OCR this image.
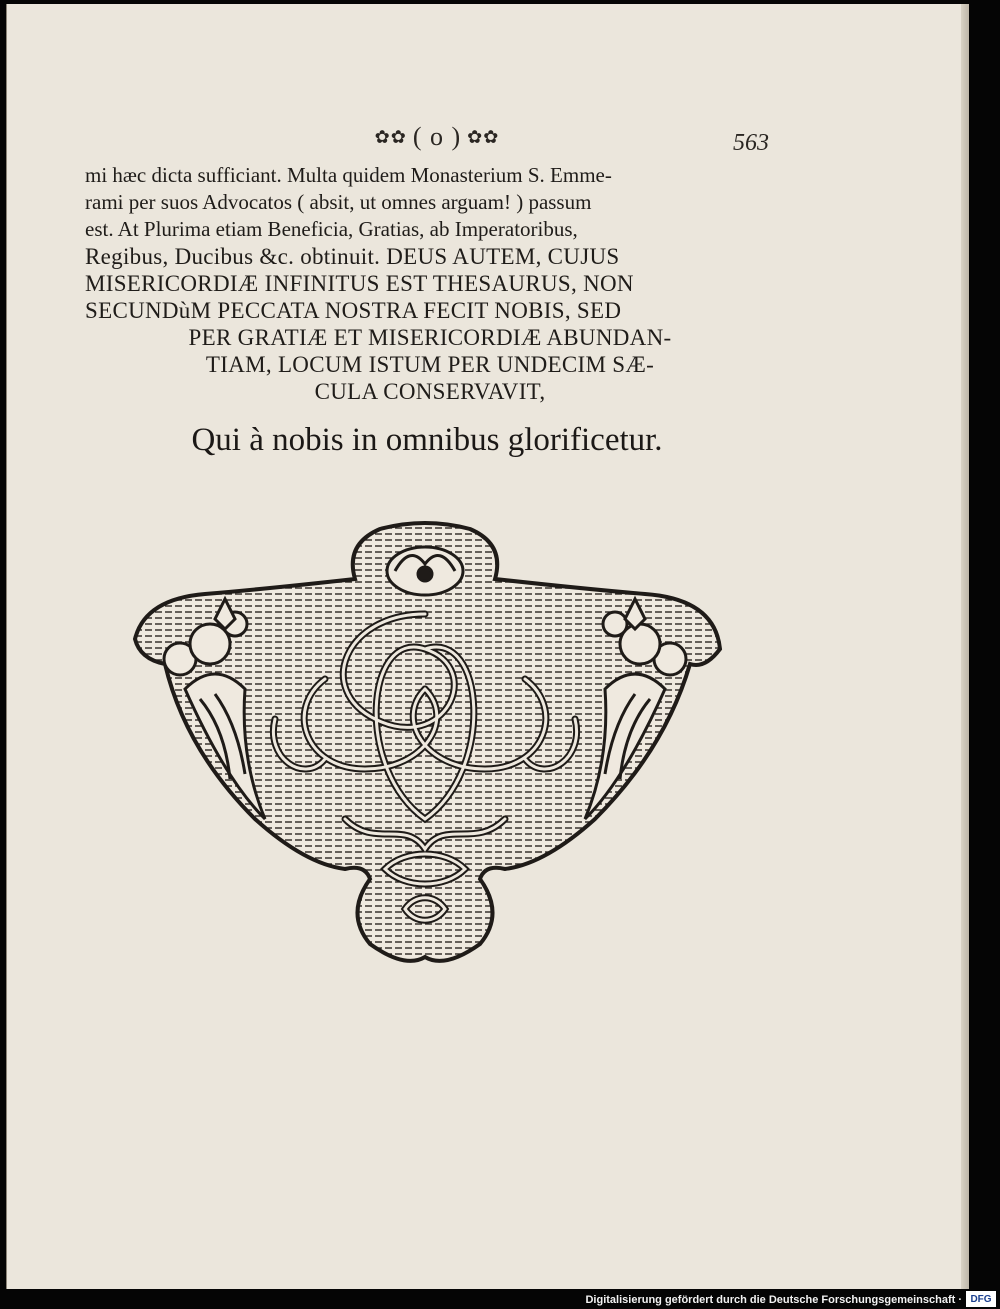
✿✿ ( o ) ✿✿	563
mi hæc dicta sufficiant. Multa quidem Monasterium S. Emme-
rami per suos Advocatos ( absit, ut omnes arguam! ) passum
est. At Plurima etiam Beneficia, Gratias, ab Imperatoribus,
Regibus, Ducibus &c. obtinuit. DEUS AUTEM, CUJUS
MISERICORDIÆ INFINITUS EST THESAURUS, NON
SECUNDùM PECCATA NOSTRA FECIT NOBIS, SED
PER GRATIÆ ET MISERICORDIÆ ABUNDAN-
TIAM, LOCUM ISTUM PER UNDECIM SÆ-
CULA CONSERVAVIT,
Qui à nobis in omnibus glorificetur.
Digitalisierung gefördert durch die Deutsche Forschungsgemeinschaft · DFG
